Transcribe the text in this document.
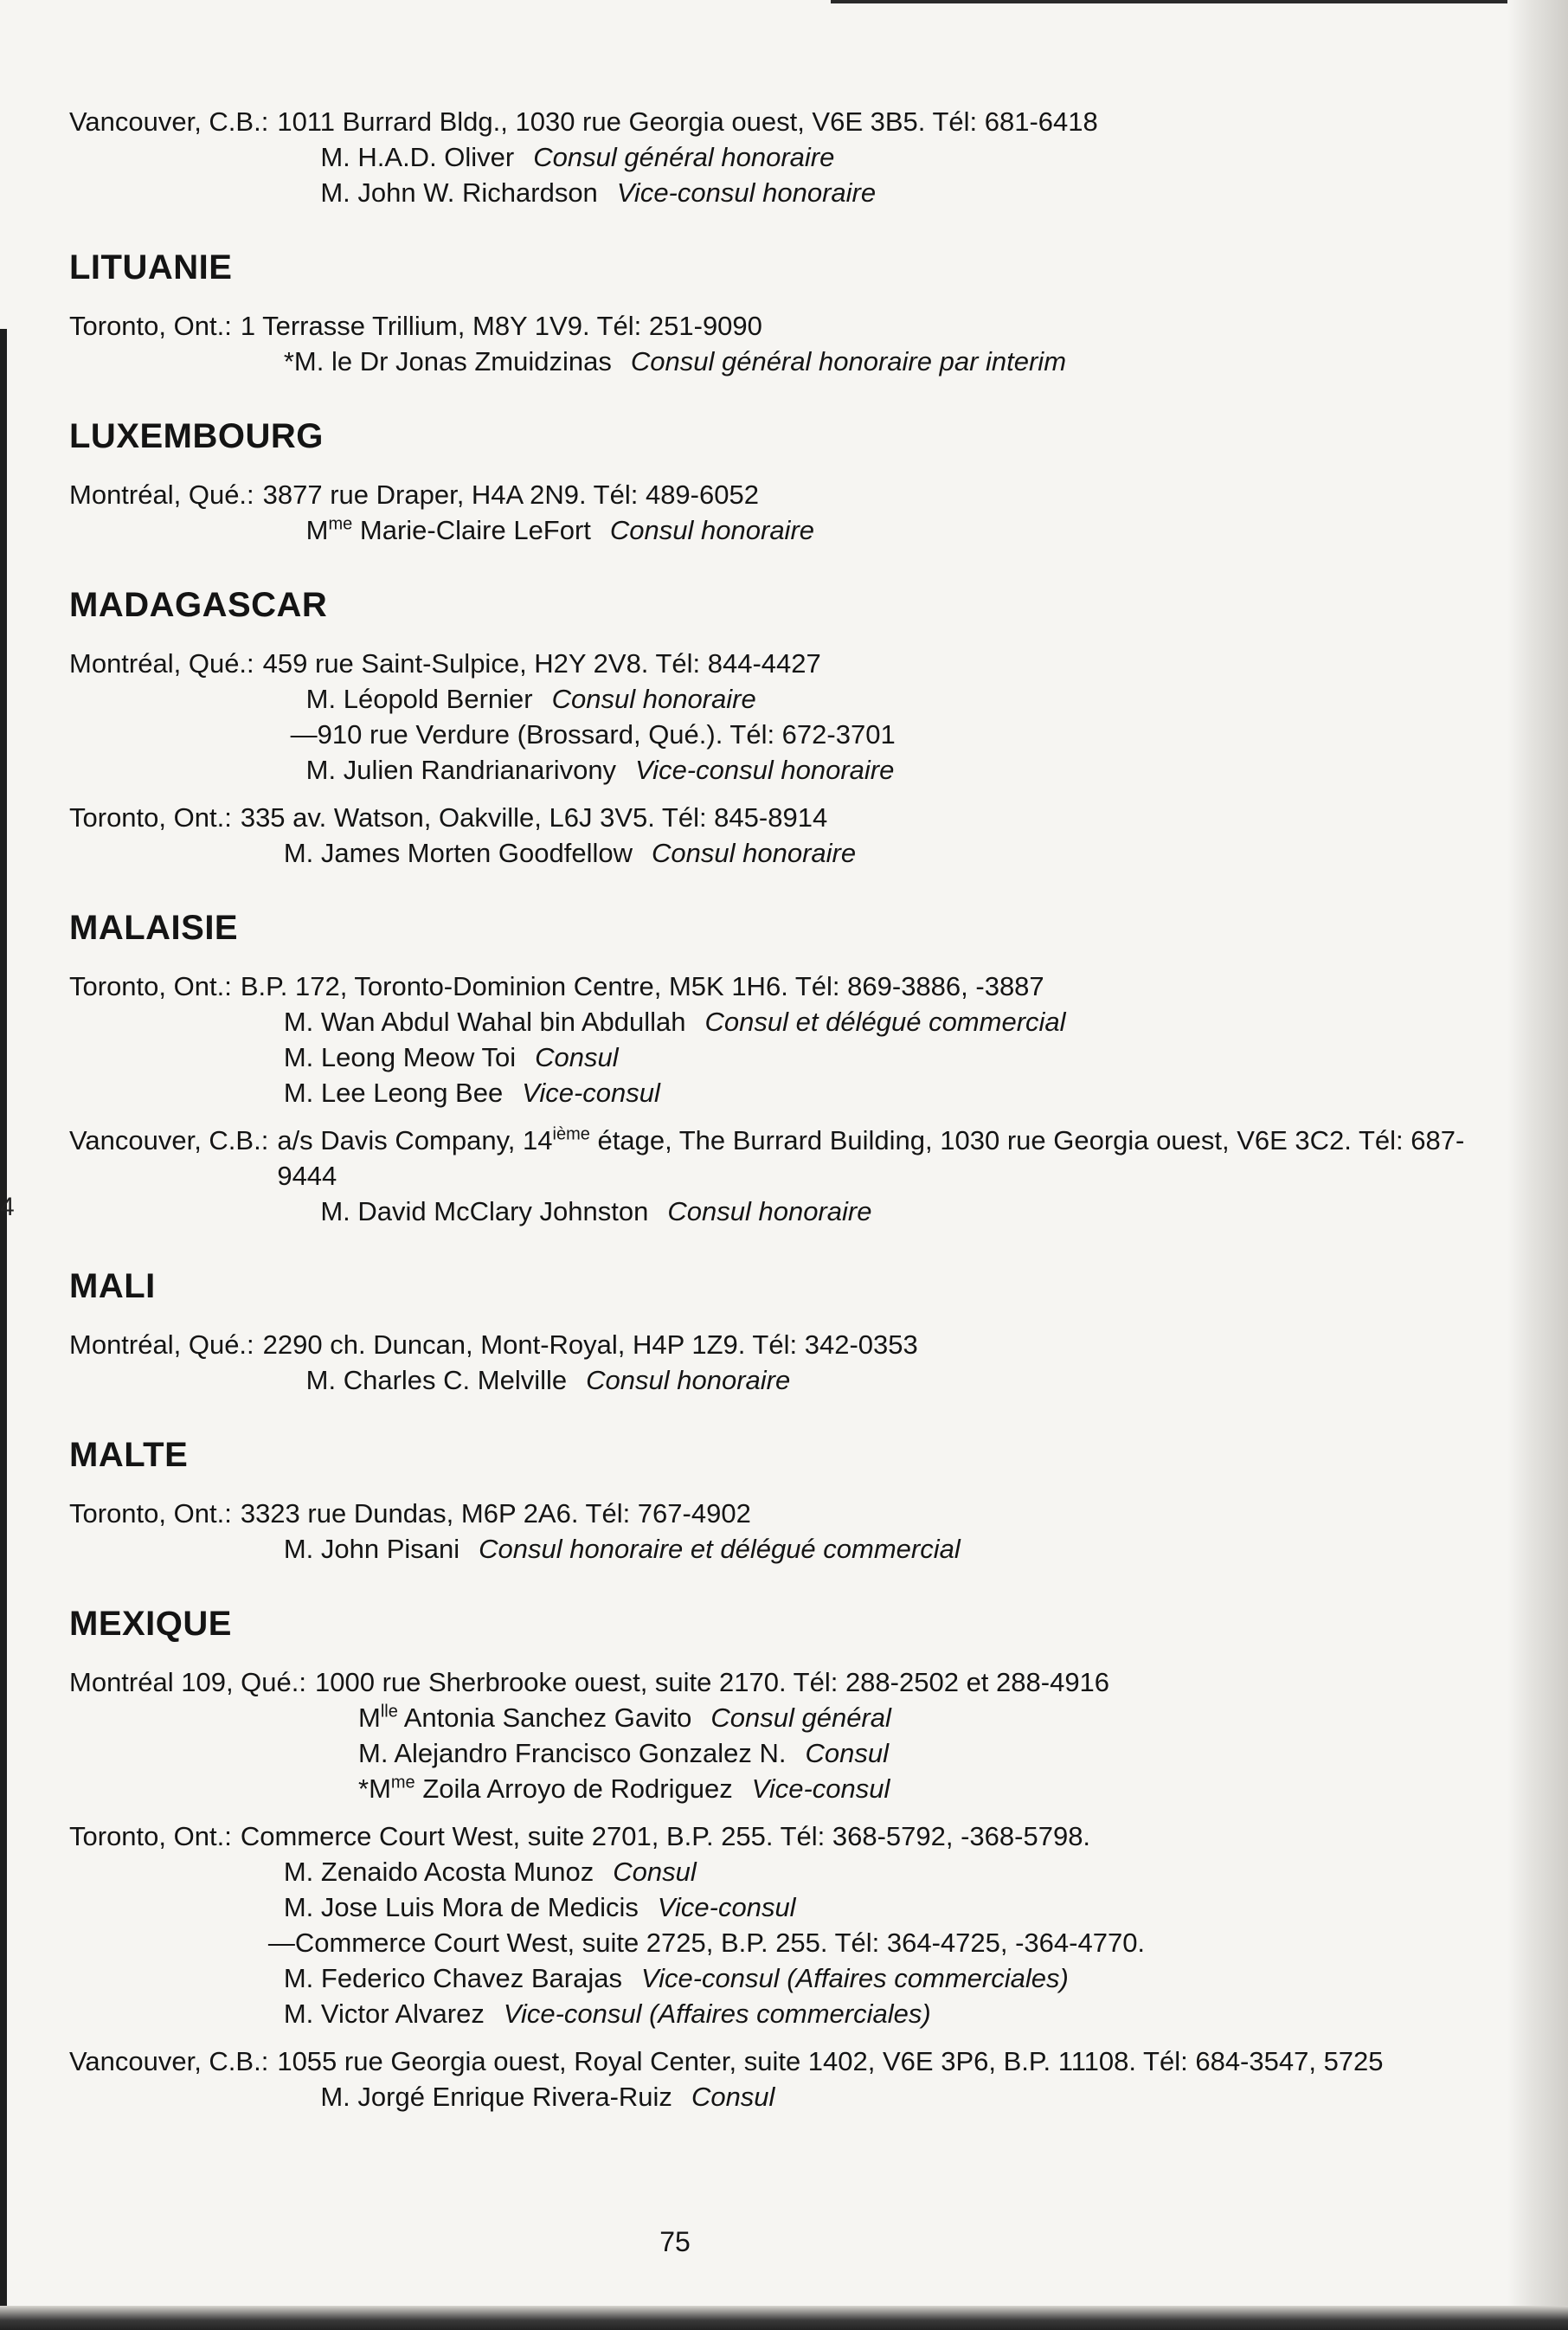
4
Vancouver, C.B.: 1011 Burrard Bldg., 1030 rue Georgia ouest, V6E 3B5. Tél: 681-6418
M. H.A.D. Oliver Consul général honoraire
M. John W. Richardson Vice-consul honoraire
LITUANIE
Toronto, Ont.: 1 Terrasse Trillium, M8Y 1V9. Tél: 251-9090
*M. le Dr Jonas Zmuidzinas Consul général honoraire par interim
LUXEMBOURG
Montréal, Qué.: 3877 rue Draper, H4A 2N9. Tél: 489-6052
$M^{me}$ Marie-Claire LeFort Consul honoraire
MADAGASCAR
Montréal, Qué.: 459 rue Saint-Sulpice, H2Y 2V8. Tél: 844-4427
M. Léopold Bernier Consul honoraire
—910 rue Verdure (Brossard, Qué.). Tél: 672-3701
M. Julien Randrianarivony Vice-consul honoraire
Toronto, Ont.: 335 av. Watson, Oakville, L6J 3V5. Tél: 845-8914
M. James Morten Goodfellow Consul honoraire
MALAISIE
Toronto, Ont.: B.P. 172, Toronto-Dominion Centre, M5K 1H6. Tél: 869-3886, -3887
M. Wan Abdul Wahal bin Abdullah Consul et délégué commercial
M. Leong Meow Toi Consul
M. Lee Leong Bee Vice-consul
Vancouver, C.B.: a/s Davis Company, 14ième étage, The Burrard Building, 1030 rue Georgia ouest, V6E 3C2. Tél: 687-9444
M. David McClary Johnston Consul honoraire
MALI
Montréal, Qué.: 2290 ch. Duncan, Mont-Royal, H4P 1Z9. Tél: 342-0353
M. Charles C. Melville Consul honoraire
MALTE
Toronto, Ont.: 3323 rue Dundas, M6P 2A6. Tél: 767-4902
M. John Pisani Consul honoraire et délégué commercial
MEXIQUE
Montréal 109, Qué.: 1000 rue Sherbrooke ouest, suite 2170. Tél: 288-2502 et 288-4916
$M^{lle}$ Antonia Sanchez Gavito Consul général
M. Alejandro Francisco Gonzalez N. Consul
$*M^{me}$ Zoila Arroyo de Rodriguez Vice-consul
Toronto, Ont.: Commerce Court West, suite 2701, B.P. 255. Tél: 368-5792, -368-5798.
M. Zenaido Acosta Munoz Consul
M. Jose Luis Mora de Medicis Vice-consul
—Commerce Court West, suite 2725, B.P. 255. Tél: 364-4725, -364-4770.
M. Federico Chavez Barajas Vice-consul (Affaires commerciales)
M. Victor Alvarez Vice-consul (Affaires commerciales)
Vancouver, C.B.: 1055 rue Georgia ouest, Royal Center, suite 1402, V6E 3P6, B.P. 11108. Tél: 684-3547, 5725
M. Jorgé Enrique Rivera-Ruiz Consul
75
